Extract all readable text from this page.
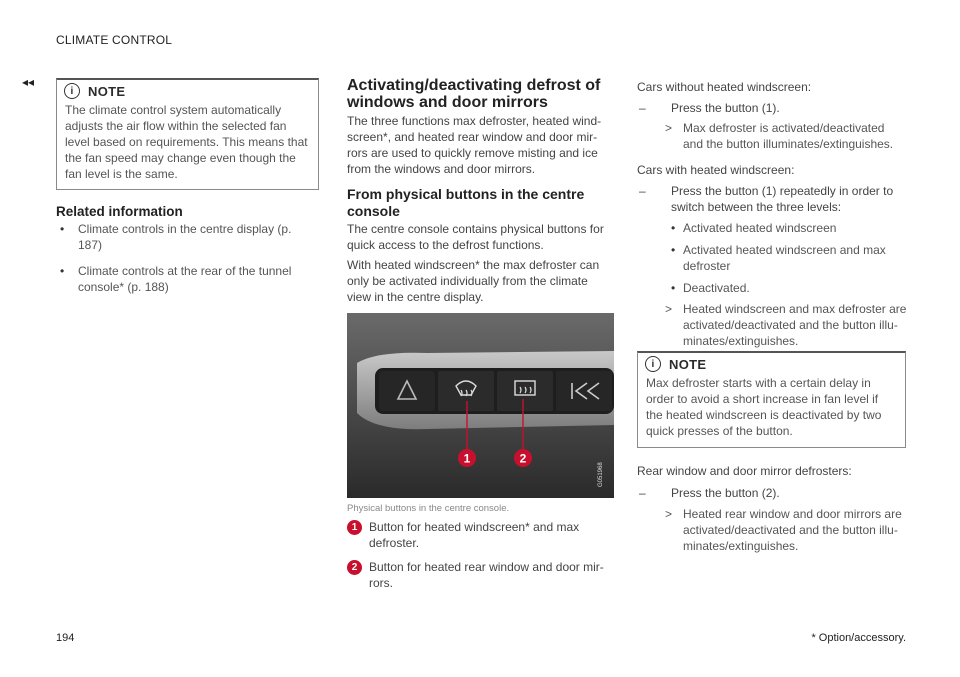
◂◂
CLIMATE CONTROL
i	NOTE
The climate control system automatically adjusts the air flow within the selected fan level based on requirements. This means that the fan speed may change even though the fan level is the same.
Related information
• Climate controls in the centre display (p. 187)
• Climate controls at the rear of the tunnel console* (p. 188)
Activating/deactivating defrost of windows and door mirrors
The three functions max defroster, heated wind-screen*, and heated rear window and door mir-rors are used to quickly remove misting and ice from the windows and door mirrors.
From physical buttons in the centre console
The centre console contains physical buttons for quick access to the defrost functions.
With heated windscreen* the max defroster can only be activated individually from the climate view in the centre display.
1	2
G051968
Physical buttons in the centre console.
1 Button for heated windscreen* and max defroster.
2 Button for heated rear window and door mir-rors.
Cars without heated windscreen:
– Press the button (1).
> Max defroster is activated/deactivated and the button illuminates/extinguishes.
Cars with heated windscreen:
– Press the button (1) repeatedly in order to switch between the three levels:
• Activated heated windscreen
• Activated heated windscreen and max defroster
• Deactivated.
> Heated windscreen and max defroster are activated/deactivated and the button illu-minates/extinguishes.
i	NOTE
Max defroster starts with a certain delay in order to avoid a short increase in fan level if the heated windscreen is deactivated by two quick presses of the button.
Rear window and door mirror defrosters:
– Press the button (2).
> Heated rear window and door mirrors are activated/deactivated and the button illu-minates/extinguishes.
194	* Option/accessory.
